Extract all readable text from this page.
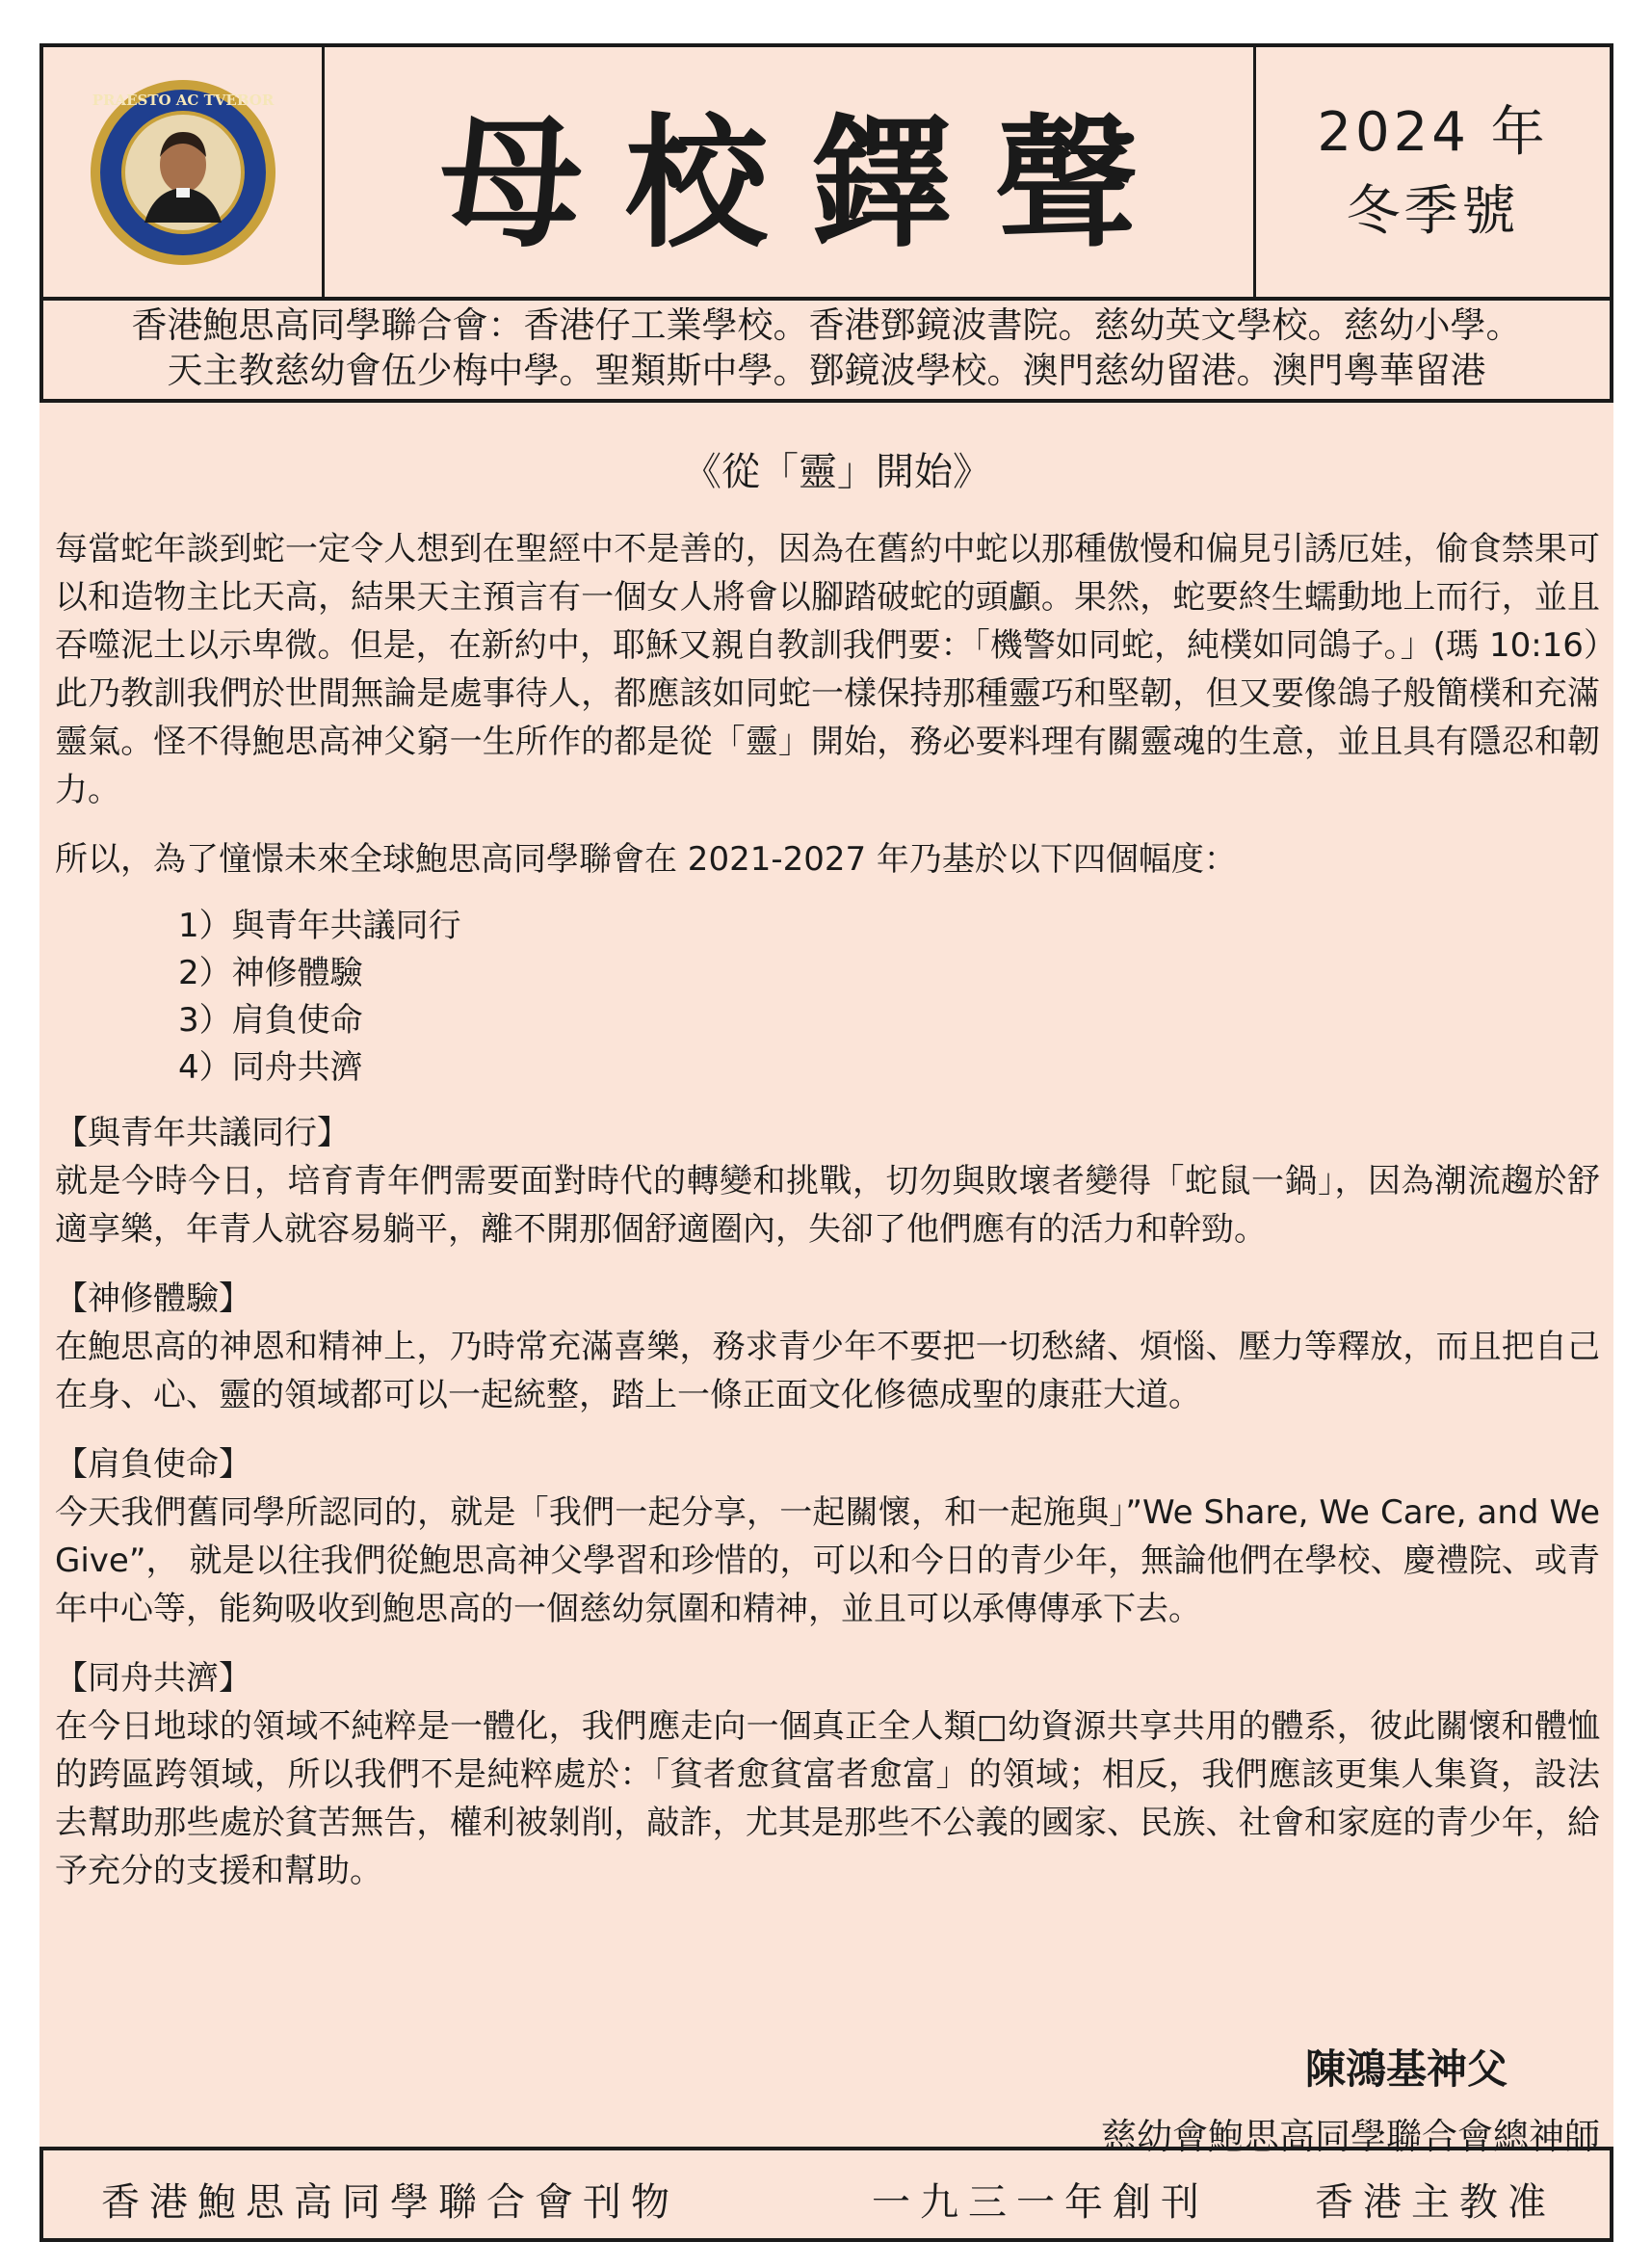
PRAESTO AC TVEBOR 母校鐸聲	2024 年
冬季號
香港鮑思高同學聯合會：香港仔工業學校。香港鄧鏡波書院。慈幼英文學校。慈幼小學。
天主教慈幼會伍少梅中學。聖類斯中學。鄧鏡波學校。澳門慈幼留港。澳門粵華留港
《從「靈」開始》

每當蛇年談到蛇一定令人想到在聖經中不是善的，因為在舊約中蛇以那種傲慢和偏見引誘厄娃，偷食禁果可以和造物主比天高，結果天主預言有一個女人將會以腳踏破蛇的頭顱。果然，蛇要終生蠕動地上而行，並且吞噬泥土以示卑微。但是，在新約中，耶穌又親自教訓我們要：「機警如同蛇，純樸如同鴿子。」(瑪 10:16）此乃教訓我們於世間無論是處事待人，都應該如同蛇一樣保持那種靈巧和堅韌，但又要像鴿子般簡樸和充滿靈氣。怪不得鮑思高神父窮一生所作的都是從「靈」開始，務必要料理有關靈魂的生意，並且具有隱忍和韌力。

所以，為了憧憬未來全球鮑思高同學聯會在 2021-2027 年乃基於以下四個幅度：

1）與青年共議同行
2）神修體驗
3）肩負使命
4）同舟共濟
【與青年共議同行】

就是今時今日，培育青年們需要面對時代的轉變和挑戰，切勿與敗壞者變得「蛇鼠一鍋」，因為潮流趨於舒適享樂，年青人就容易躺平，離不開那個舒適圈內，失卻了他們應有的活力和幹勁。

【神修體驗】

在鮑思高的神恩和精神上，乃時常充滿喜樂，務求青少年不要把一切愁緒、煩惱、壓力等釋放，而且把自己在身、心、靈的領域都可以一起統整，踏上一條正面文化修德成聖的康莊大道。

【肩負使命】

今天我們舊同學所認同的，就是「我們一起分享，一起關懷，和一起施與」”We Share, We Care, and We Give”， 就是以往我們從鮑思高神父學習和珍惜的，可以和今日的青少年，無論他們在學校、慶禮院、或青年中心等，能夠吸收到鮑思高的一個慈幼氛圍和精神，並且可以承傳傳承下去。

【同舟共濟】

在今日地球的領域不純粹是一體化，我們應走向一個真正全人類□幼資源共享共用的體系，彼此關懷和體恤的跨區跨領域，所以我們不是純粹處於：「貧者愈貧富者愈富」的領域；相反，我們應該更集人集資，設法去幫助那些處於貧苦無告，權利被剝削，敲詐，尤其是那些不公義的國家、民族、社會和家庭的青少年，給予充分的支援和幫助。

陳鴻基神父
慈幼會鮑思高同學聯合會總神師
香港鮑思高同學聯合會刊物	一九三一年創刊	香港主教准
